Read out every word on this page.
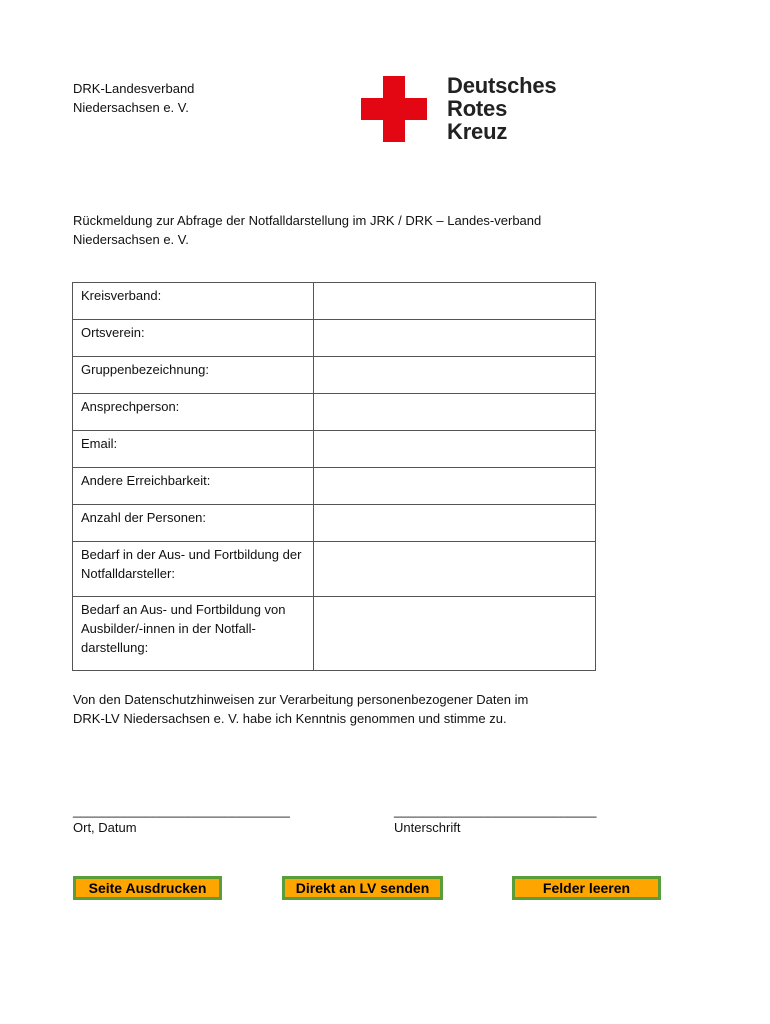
DRK-Landesverband
Niedersachsen e. V.
Deutsches
Rotes
Kreuz
Rückmeldung zur Abfrage der Notfalldarstellung im JRK / DRK – Landes-verband Niedersachsen e. V.
Kreisverband:	
Ortsverein:	
Gruppenbezeichnung:	
Ansprechperson:	
Email:	
Andere Erreichbarkeit:	
Anzahl der Personen:	
Bedarf in der Aus- und Fortbildung der Notfalldarsteller:	
Bedarf an Aus- und Fortbildung von Ausbilder/-innen in der Notfall-darstellung:	
Von den Datenschutzhinweisen zur Verarbeitung personenbezogener Daten im DRK-LV Niedersachsen e. V. habe ich Kenntnis genommen und stimme zu.
______________________________
Ort, Datum
____________________________
Unterschrift
Seite Ausdrucken	Direkt an LV senden	Felder leeren
